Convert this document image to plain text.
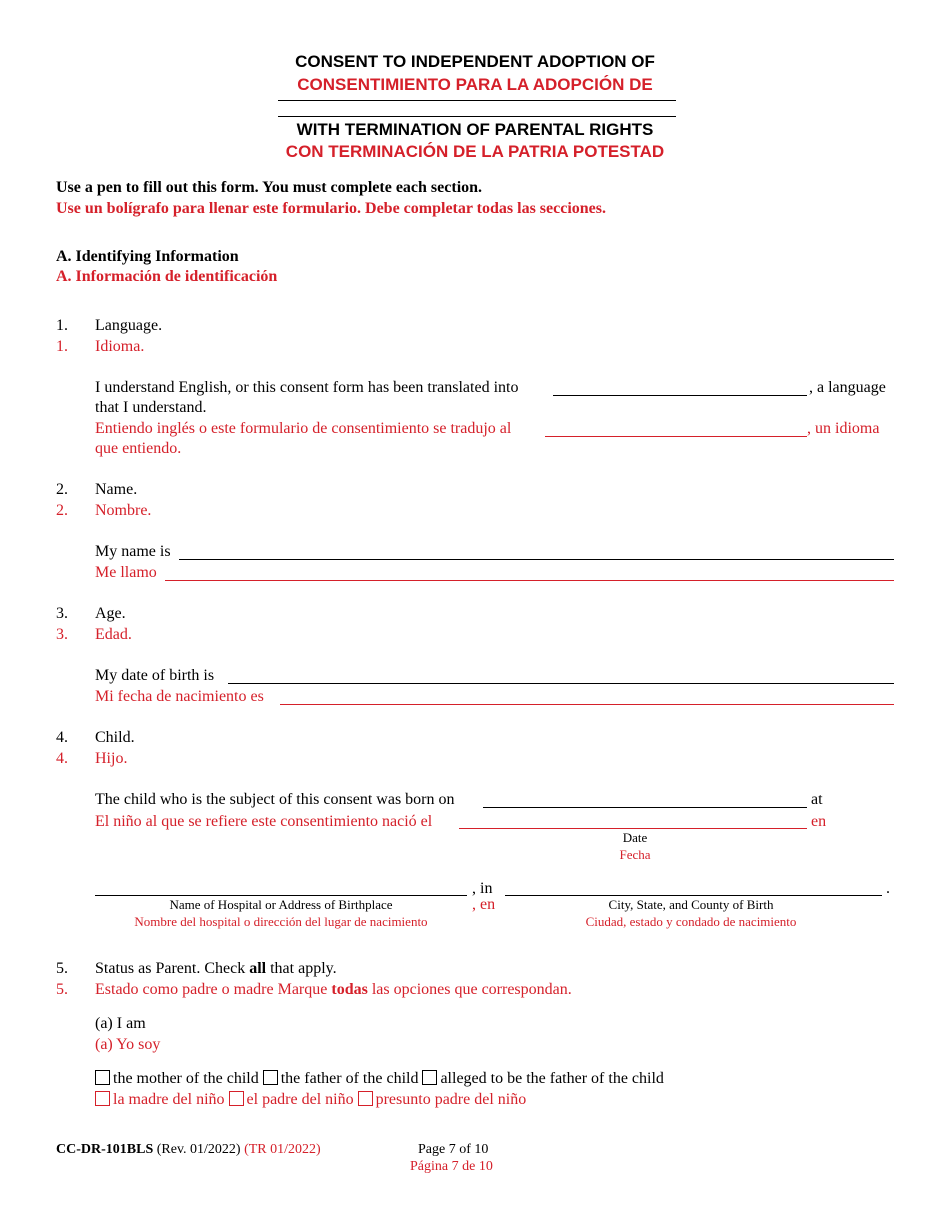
CONSENT TO INDEPENDENT ADOPTION OF
CONSENTIMIENTO PARA LA ADOPCIÓN DE
WITH TERMINATION OF PARENTAL RIGHTS
CON TERMINACIÓN DE LA PATRIA POTESTAD
Use a pen to fill out this form. You must complete each section.
Use un bolígrafo para llenar este formulario. Debe completar todas las secciones.
A. Identifying Information
A. Información de identificación
1. Language.
1. Idioma.
I understand English, or this consent form has been translated into	, a language
that I understand.
Entiendo inglés o este formulario de consentimiento se tradujo al	, un idioma
que entiendo.
2. Name.
2. Nombre.
My name is
Me llamo
3. Age.
3. Edad.
My date of birth is
Mi fecha de nacimiento es
4. Child.
4. Hijo.
The child who is the subject of this consent was born on	at
El niño al que se refiere este consentimiento nació el	en
Date
Fecha
, in
, en
.
Name of Hospital or Address of Birthplace
Nombre del hospital o dirección del lugar de nacimiento
City, State, and County of Birth
Ciudad, estado y condado de nacimiento
5. Status as Parent. Check all that apply.
5. Estado como padre o madre Marque todas las opciones que correspondan.
(a) I am
(a) Yo soy
the mother of the child the father of the child alleged to be the father of the child
la madre del niño el padre del niño presunto padre del niño
CC-DR-101BLS (Rev. 01/2022) (TR 01/2022)	Page 7 of 10
Página 7 de 10
